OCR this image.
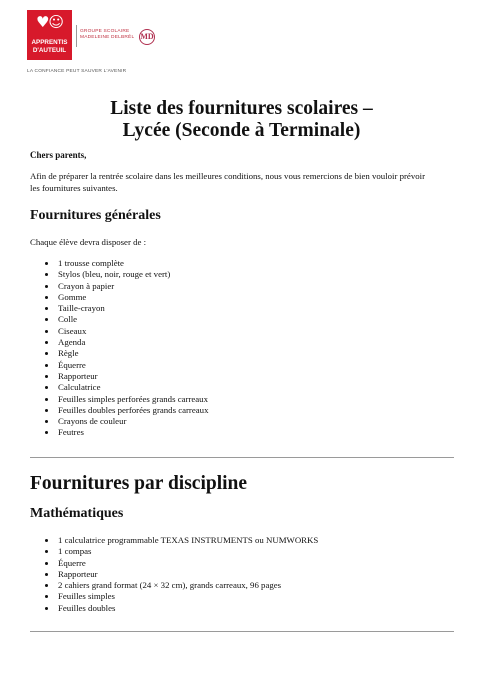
♥☺
APPRENTIS
D'AUTEUIL
GROUPE SCOLAIRE
MADELEINE DELBRÊL MD
LA CONFIANCE PEUT SAUVER L'AVENIR
Liste des fournitures scolaires –
Lycée (Seconde à Terminale)

Chers parents,

Afin de préparer la rentrée scolaire dans les meilleures conditions, nous vous remercions de bien vouloir prévoir les fournitures suivantes.

Fournitures générales

Chaque élève devra disposer de :

1 trousse complète
Stylos (bleu, noir, rouge et vert)
Crayon à papier
Gomme
Taille-crayon
Colle
Ciseaux
Agenda
Règle
Équerre
Rapporteur
Calculatrice
Feuilles simples perforées grands carreaux
Feuilles doubles perforées grands carreaux
Crayons de couleur
Feutres
Fournitures par discipline
Mathématiques
1 calculatrice programmable TEXAS INSTRUMENTS ou NUMWORKS
1 compas
Équerre
Rapporteur
2 cahiers grand format (24 × 32 cm), grands carreaux, 96 pages
Feuilles simples
Feuilles doubles
